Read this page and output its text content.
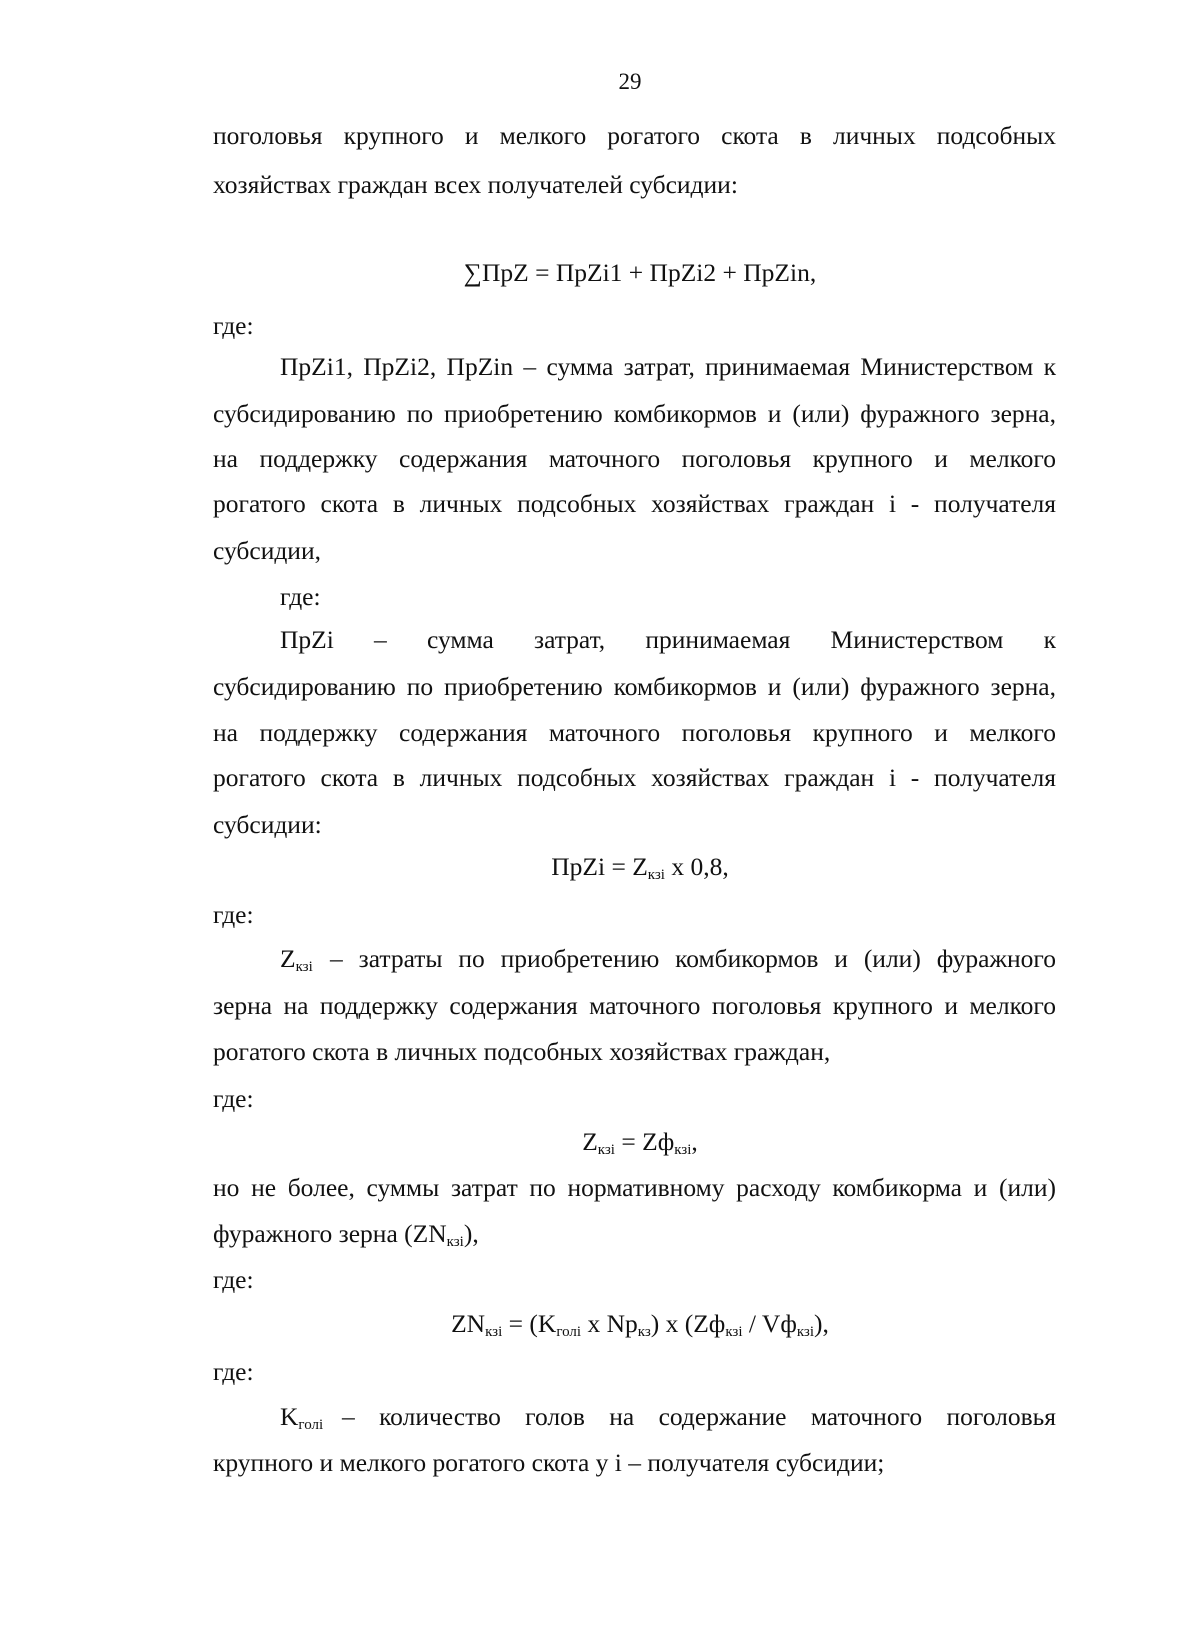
29
поголовья крупного и мелкого рогатого скота в личных подсобных
хозяйствах граждан всех получателей субсидии:
∑ПрZ = ПрZi1 + ПрZi2 + ПрZin,
где:
ПрZi1, ПрZi2, ПрZin – сумма затрат, принимаемая Министерством к
субсидированию по приобретению комбикормов и (или) фуражного зерна,
на поддержку содержания маточного поголовья крупного и мелкого
рогатого скота в личных подсобных хозяйствах граждан i - получателя
субсидии,
где:
ПрZi – сумма затрат, принимаемая Министерством к
субсидированию по приобретению комбикормов и (или) фуражного зерна,
на поддержку содержания маточного поголовья крупного и мелкого
рогатого скота в личных подсобных хозяйствах граждан i - получателя
субсидии:
ПрZi = $Z_{кзi}$ x 0,8,
где:
$Z_{кзi}$ – затраты по приобретению комбикормов и (или) фуражного
зерна на поддержку содержания маточного поголовья крупного и мелкого
рогатого скота в личных подсобных хозяйствах граждан,
где:
$Z_{кзi} = Zф_{кзi}$,
но не более, суммы затрат по нормативному расходу комбикорма и (или)
фуражного зерна $(ZN_{кзi})$,
где:
$ZN_{кзi} = (K_{голi}$ x $Np_{кз}$) x $(Zф_{кзi} / Vф_{кзi})$,
где:
$K_{голi}$ – количество голов на содержание маточного поголовья
крупного и мелкого рогатого скота у i – получателя субсидии;
